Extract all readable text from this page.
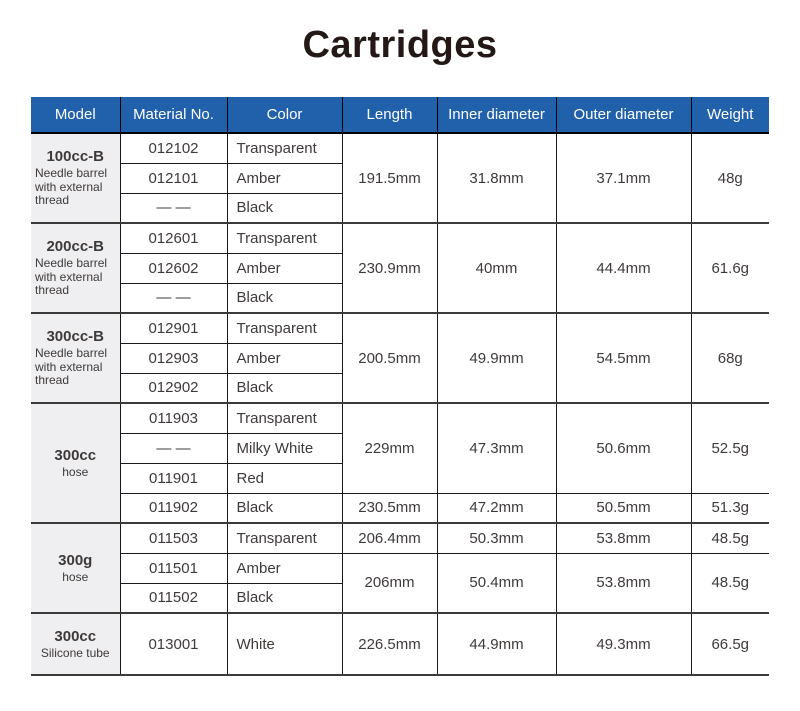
Cartridges
Model	Material No.	Color	Length	Inner diameter	Outer diameter	Weight

100cc-B
Needle barrel with external thread	012102	Transparent	191.5mm	31.8mm	37.1mm	48g
	012101	Amber				
	— —	Black				

200cc-B
Needle barrel with external thread	012601	Transparent	230.9mm	40mm	44.4mm	61.6g
	012602	Amber				
	— —	Black				

300cc-B
Needle barrel with external thread	012901	Transparent	200.5mm	49.9mm	54.5mm	68g
	012903	Amber				
	012902	Black				

300cc
hose	011903	Transparent	229mm	47.3mm	50.6mm	52.5g
	— —	Milky White				
	011901	Red				
	011902	Black	230.5mm	47.2mm	50.5mm	51.3g

300g
hose	011503	Transparent	206.4mm	50.3mm	53.8mm	48.5g
	011501	Amber	206mm	50.4mm	53.8mm	48.5g
	011502	Black				

300cc
Silicone tube	013001	White	226.5mm	44.9mm	49.3mm	66.5g
